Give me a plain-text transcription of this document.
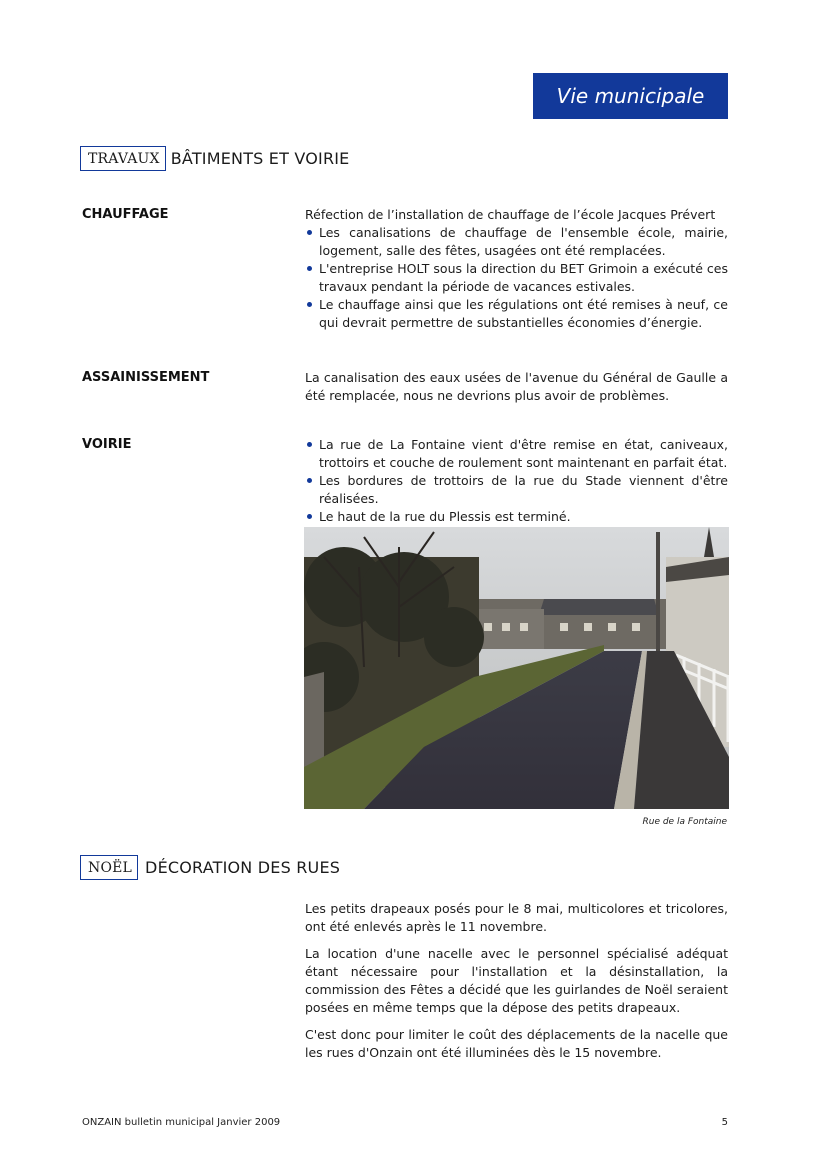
Vie municipale
TRAVAUX BÂTIMENTS ET VOIRIE
CHAUFFAGE	Réfection de l’installation de chauffage de l’école Jacques Prévert

Les canalisations de chauffage de l'ensemble école, mairie, logement, salle des fêtes, usagées ont été remplacées.
L'entreprise HOLT sous la direction du BET Grimoin a exécuté ces travaux pendant la période de vacances estivales.
Le chauffage ainsi que les régulations ont été remises à neuf, ce qui devrait permettre de substantielles économies d’énergie.
ASSAINISSEMENT	La canalisation des eaux usées de l'avenue du Général de Gaulle a été remplacée, nous ne devrions plus avoir de problèmes.

VOIRIE	La rue de La Fontaine vient d'être remise en état, caniveaux, trottoirs et couche de roulement sont maintenant en parfait état.
Les bordures de trottoirs de la rue du Stade viennent d'être réalisées.
Le haut de la rue du Plessis est terminé.
Rue de la Fontaine
NOËL DÉCORATION DES RUES

Les petits drapeaux posés pour le 8 mai, multicolores et tricolores, ont été enlevés après le 11 novembre.

La location d'une nacelle avec le personnel spécialisé adéquat étant nécessaire pour l'installation et la désinstallation, la commission des Fêtes a décidé que les guirlandes de Noël seraient posées en même temps que la dépose des petits drapeaux.

C'est donc pour limiter le coût des déplacements de la nacelle que les rues d'Onzain ont été illuminées dès le 15 novembre.

ONZAIN bulletin municipal Janvier 2009	5
